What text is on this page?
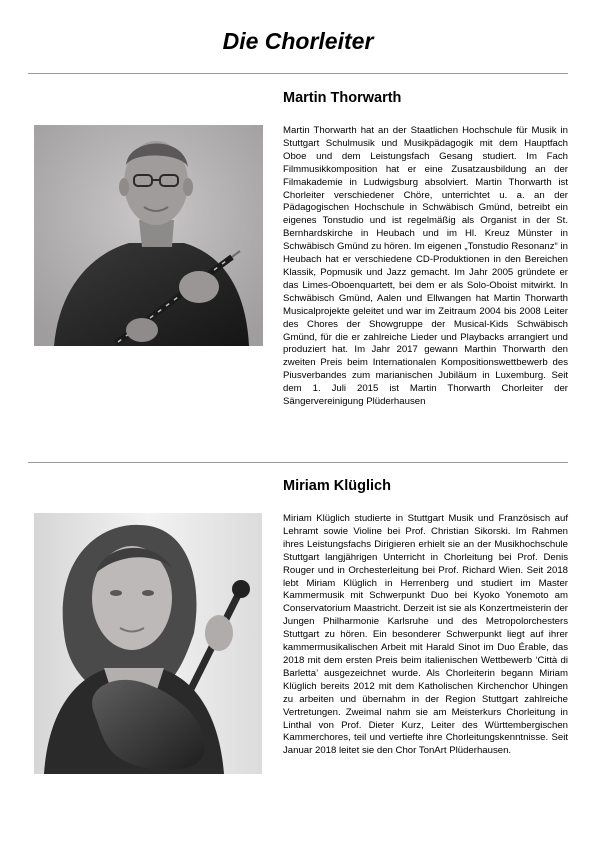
Die Chorleiter
Martin Thorwarth

Martin Thorwarth hat an der Staatlichen Hochschule für Musik in Stuttgart Schulmusik und Musikpädagogik mit dem Hauptfach Oboe und dem Leistungsfach Gesang studiert. Im Fach Filmmusikkomposition hat er eine Zusatzausbildung an der Filmakademie in Ludwigsburg absolviert. Martin Thorwarth ist Chorleiter verschiedener Chöre, unterrichtet u. a. an der Pädagogischen Hochschule in Schwäbisch Gmünd, betreibt ein eigenes Tonstudio und ist regelmäßig als Organist in der St. Bernhardskirche in Heubach und im Hl. Kreuz Münster in Schwäbisch Gmünd zu hören. Im eigenen „Tonstudio Resonanz“ in Heubach hat er verschiedene CD-Produktionen in den Bereichen Klassik, Popmusik und Jazz gemacht. Im Jahr 2005 gründete er das Limes-Oboenquartett, bei dem er als Solo-Oboist mitwirkt. In Schwäbisch Gmünd, Aalen und Ellwangen hat Martin Thorwarth Musicalprojekte geleitet und war im Zeitraum 2004 bis 2008 Leiter des Chores der Showgruppe der Musical-Kids Schwäbisch Gmünd, für die er zahlreiche Lieder und Playbacks arrangiert und produziert hat. Im Jahr 2017 gewann Marthin Thorwarth den zweiten Preis beim Internationalen Kompositionswettbewerb des Piusverbandes zum marianischen Jubiläum in Luxemburg. Seit dem 1. Juli 2015 ist Martin Thorwarth Chorleiter der Sängervereinigung Plüderhausen

Miriam Klüglich

Miriam Klüglich studierte in Stuttgart Musik und Französisch auf Lehramt sowie Violine bei Prof. Christian Sikorski. Im Rahmen ihres Leistungsfachs Dirigieren erhielt sie an der Musikhochschule Stuttgart langjährigen Unterricht in Chorleitung bei Prof. Denis Rouger und in Orchesterleitung bei Prof. Richard Wien. Seit 2018 lebt Miriam Klüglich in Herrenberg und studiert im Master Kammermusik mit Schwerpunkt Duo bei Kyoko Yonemoto am Conservatorium Maastricht. Derzeit ist sie als Konzertmeisterin der Jungen Philharmonie Karlsruhe und des Metropolorchesters Stuttgart zu hören. Ein besonderer Schwerpunkt liegt auf ihrer kammermusikalischen Arbeit mit Harald Sinot im Duo Érable, das 2018 mit dem ersten Preis beim italienischen Wettbewerb ‘Città di Barletta’ ausgezeichnet wurde. Als Chorleiterin begann Miriam Klüglich bereits 2012 mit dem Katholischen Kirchenchor Uhingen zu arbeiten und übernahm in der Region Stuttgart zahlreiche Vertretungen. Zweimal nahm sie am Meisterkurs Chorleitung in Linthal von Prof. Dieter Kurz, Leiter des Württembergischen Kammerchores, teil und vertiefte ihre Chorleitungskenntnisse. Seit Januar 2018 leitet sie den Chor TonArt Plüderhausen.
